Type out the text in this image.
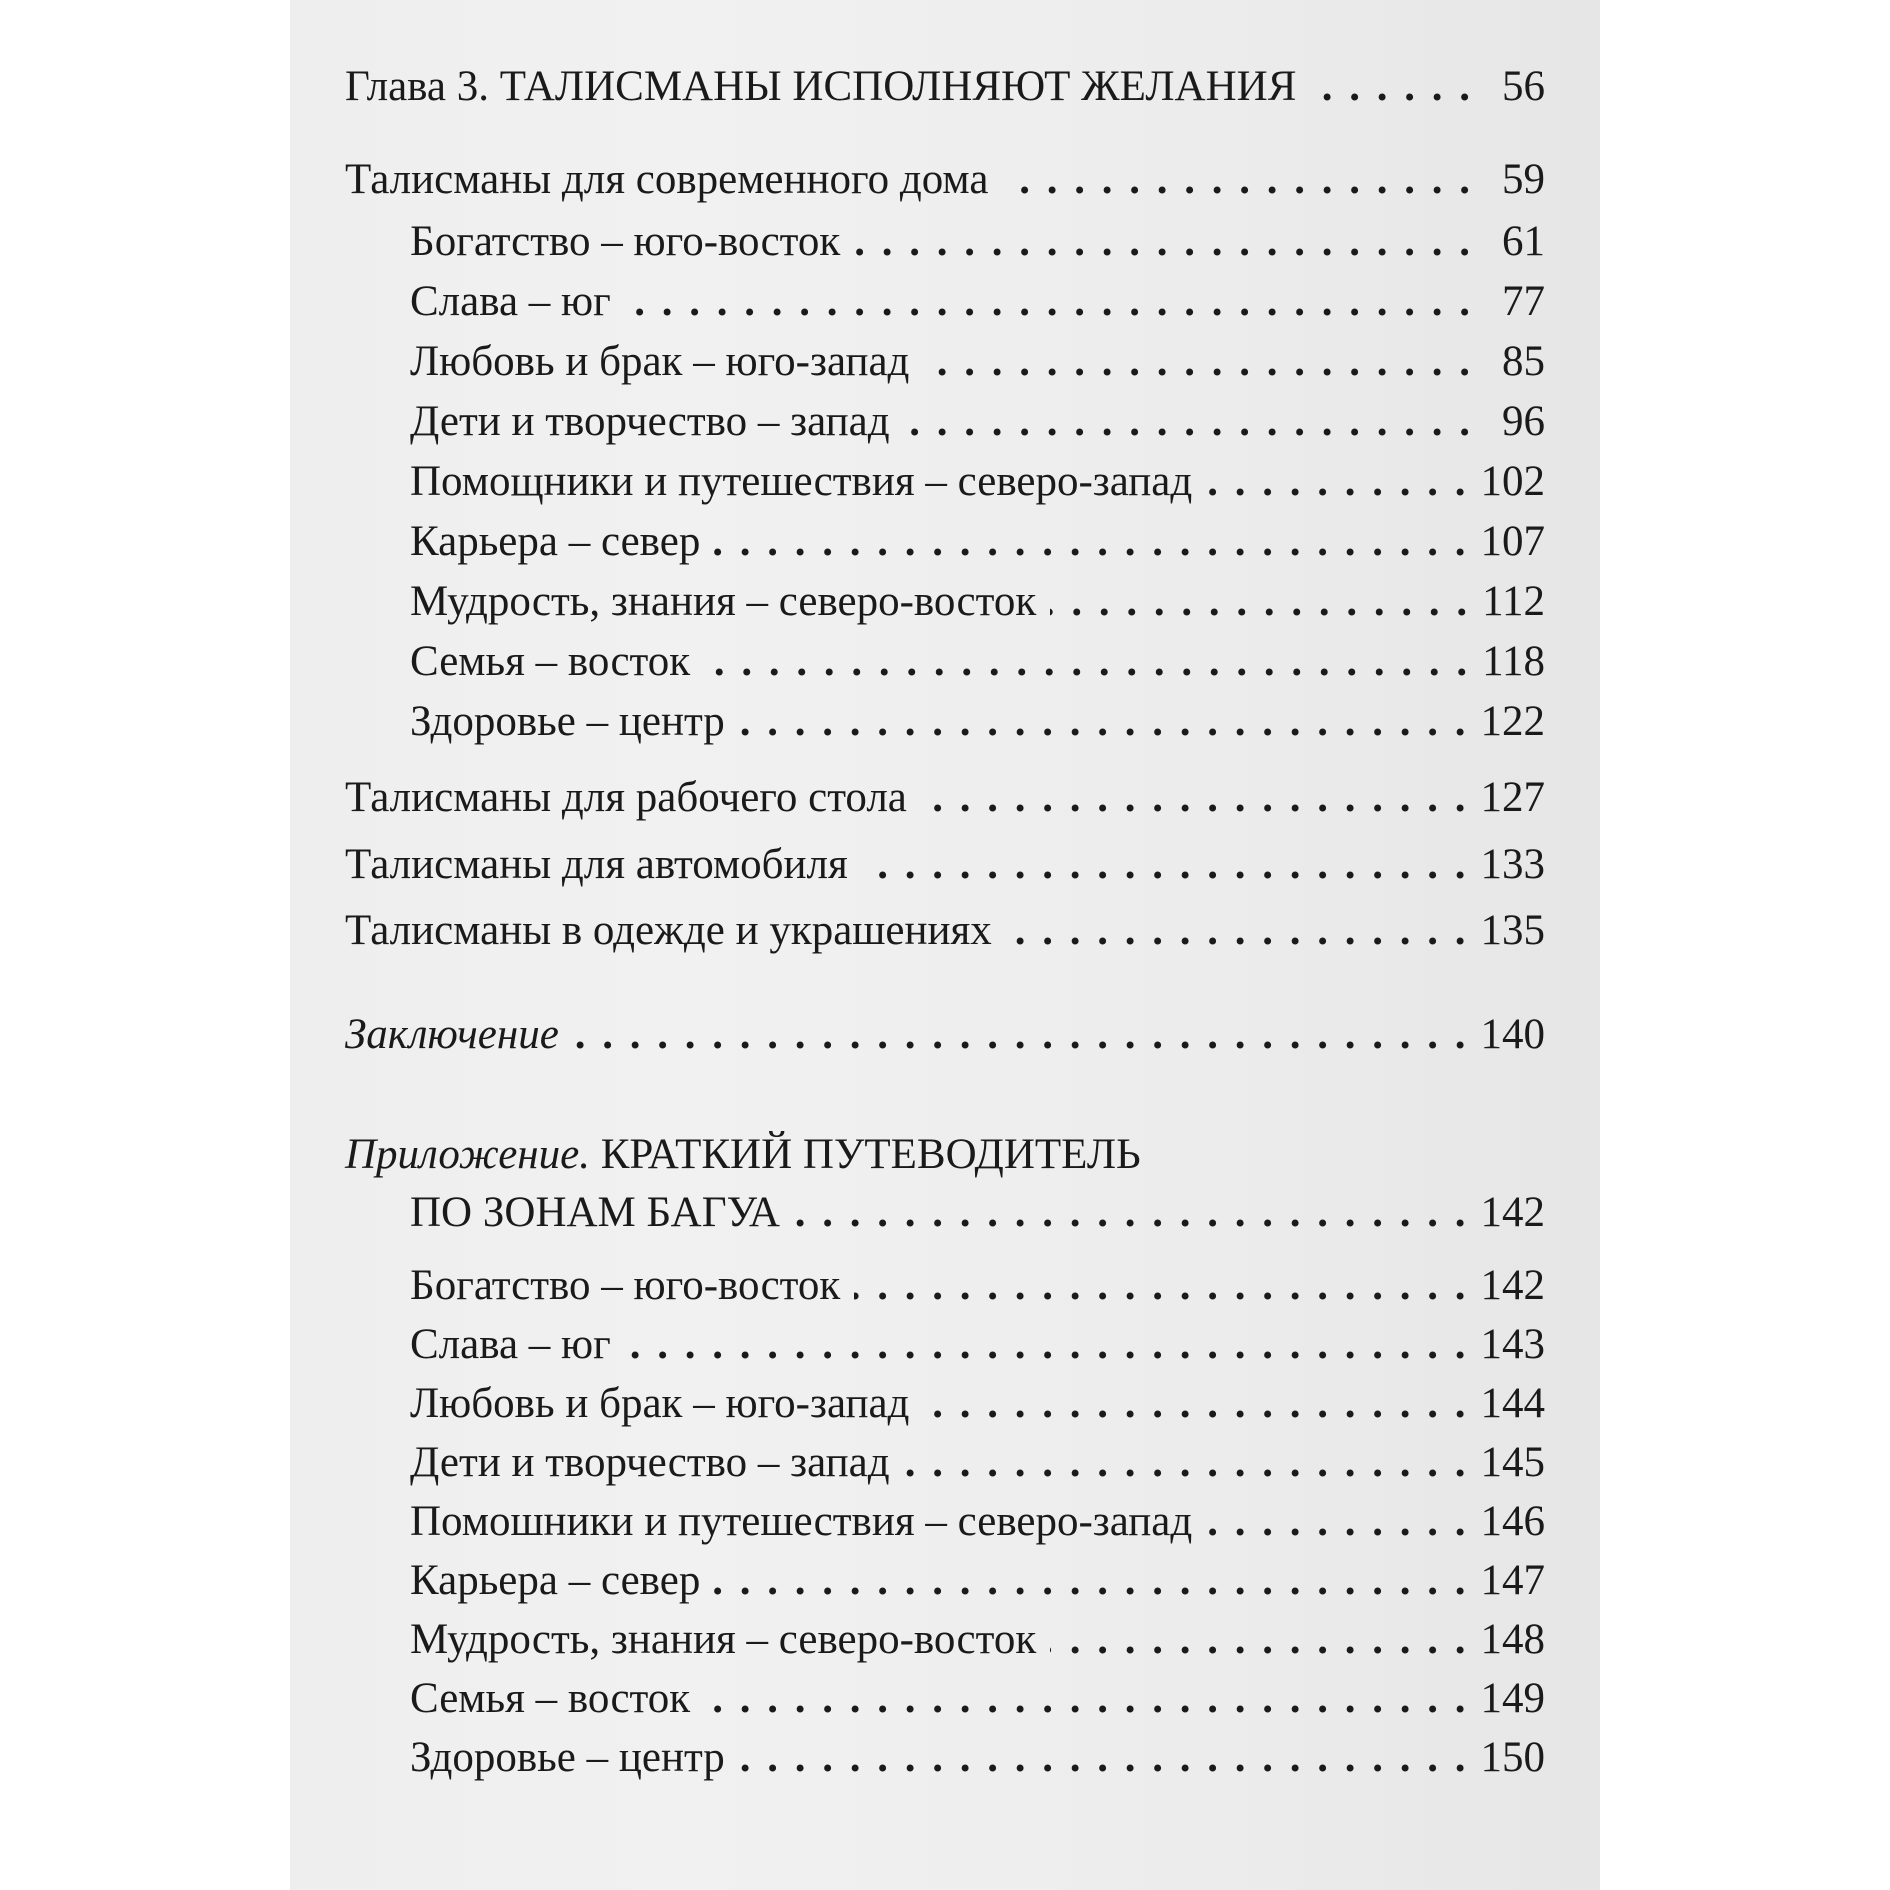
Глава 3. ТАЛИСМАНЫ ИСПОЛНЯЮТ ЖЕЛАНИЯ . . .	56
Талисманы для современного дома . . .	59
Богатство – юго-восток . . .	61
Слава – юг . . .	77
Любовь и брак – юго-запад . . .	85
Дети и творчество – запад . . .	96
Помощники и путешествия – северо-запад . . .	102
Карьера – север . . .	107
Мудрость, знания – северо-восток . . .	112
Семья – восток . . .	118
Здоровье – центр . . .	122
Талисманы для рабочего стола . . .	127
Талисманы для автомобиля . . .	133
Талисманы в одежде и украшениях . . .	135
Заключение . . .	140
Приложение. КРАТКИЙ ПУТЕВОДИТЕЛЬ
ПО ЗОНАМ БАГУА . . .	142
Богатство – юго-восток . . .	142
Слава – юг . . .	143
Любовь и брак – юго-запад . . .	144
Дети и творчество – запад . . .	145
Помошники и путешествия – северо-запад . . .	146
Карьера – север . . .	147
Мудрость, знания – северо-восток . . .	148
Семья – восток . . .	149
Здоровье – центр . . .	150
